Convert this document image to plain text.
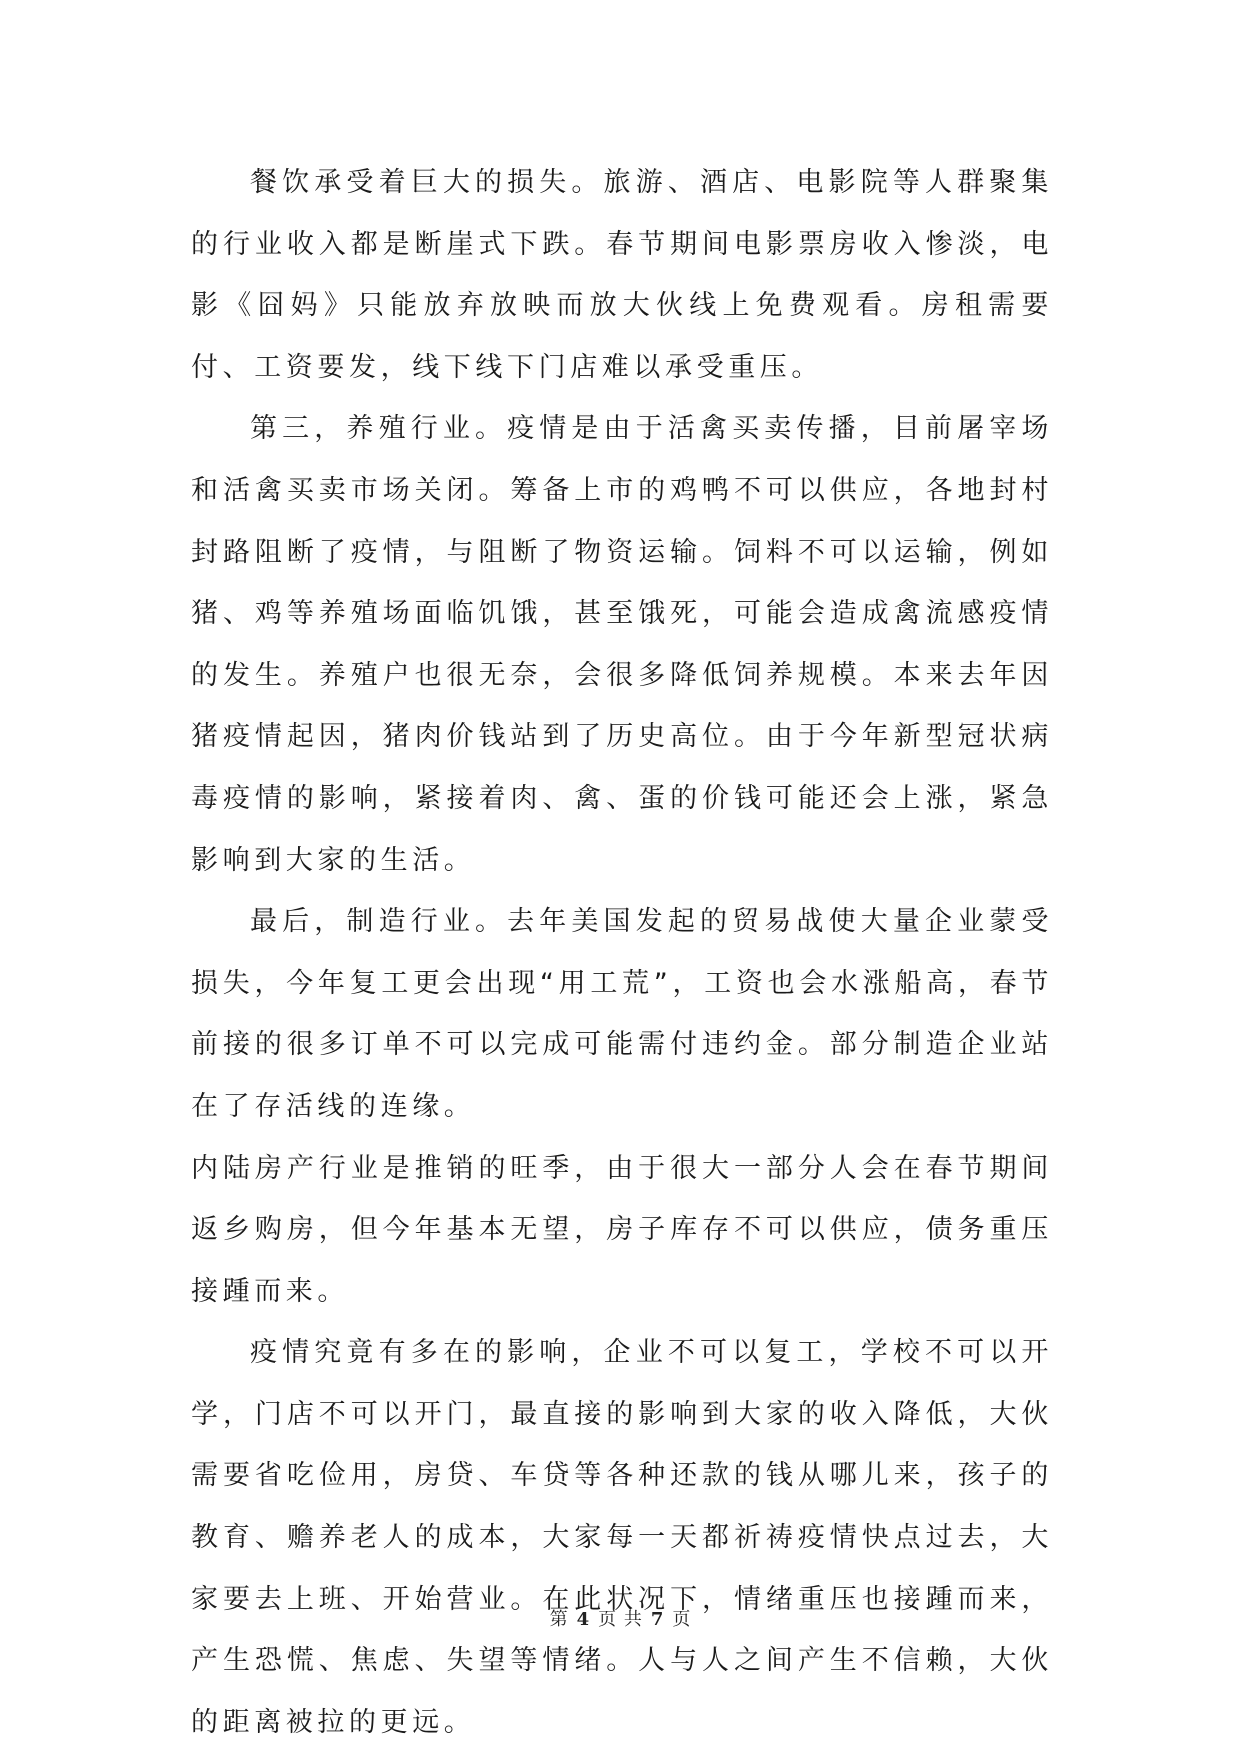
餐饮承受着巨大的损失。旅游、酒店、电影院等人群聚集的行业收入都是断崖式下跌。春节期间电影票房收入惨淡，电影《囧妈》只能放弃放映而放大伙线上免费观看。房租需要付、工资要发，线下线下门店难以承受重压。

第三，养殖行业。疫情是由于活禽买卖传播，目前屠宰场和活禽买卖市场关闭。筹备上市的鸡鸭不可以供应，各地封村封路阻断了疫情，与阻断了物资运输。饲料不可以运输，例如猪、鸡等养殖场面临饥饿，甚至饿死，可能会造成禽流感疫情的发生。养殖户也很无奈，会很多降低饲养规模。本来去年因猪疫情起因，猪肉价钱站到了历史高位。由于今年新型冠状病毒疫情的影响，紧接着肉、禽、蛋的价钱可能还会上涨，紧急影响到大家的生活。

最后，制造行业。去年美国发起的贸易战使大量企业蒙受损失，今年复工更会出现“用工荒”，工资也会水涨船高，春节前接的很多订单不可以完成可能需付违约金。部分制造企业站在了存活线的连缘。

内陆房产行业是推销的旺季，由于很大一部分人会在春节期间返乡购房，但今年基本无望，房子库存不可以供应，债务重压接踵而来。

疫情究竟有多在的影响，企业不可以复工，学校不可以开学，门店不可以开门，最直接的影响到大家的收入降低，大伙需要省吃俭用，房贷、车贷等各种还款的钱从哪儿来，孩子的教育、赡养老人的成本，大家每一天都祈祷疫情快点过去，大家要去上班、开始营业。在此状况下，情绪重压也接踵而来，产生恐慌、焦虑、失望等情绪。人与人之间产生不信赖，大伙的距离被拉的更远。

第 4 页 共 7 页
